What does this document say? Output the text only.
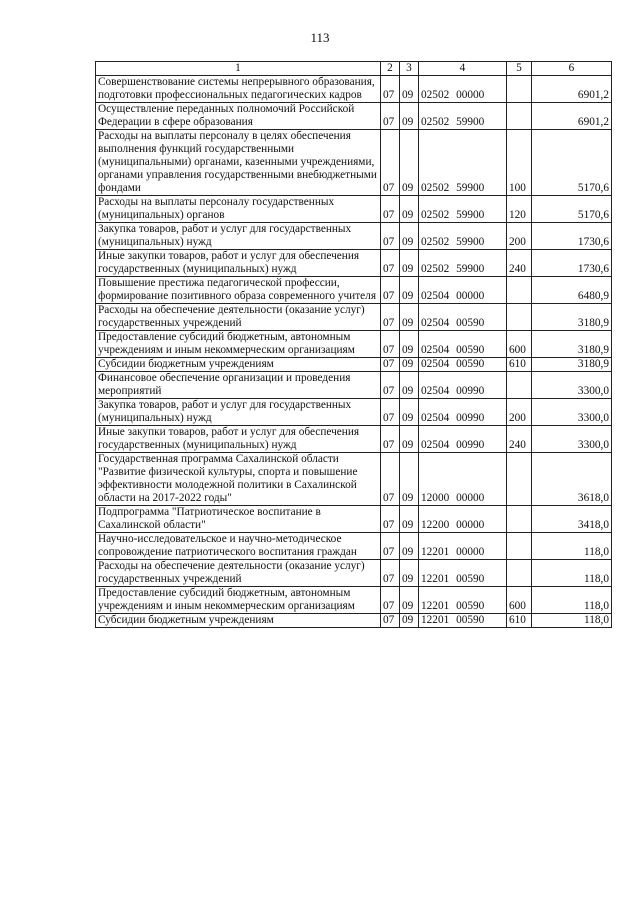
113
1	2	3	4	5	6
Совершенствование системы непрерывного образования, подготовки профессиональных педагогических кадров	07	09	02502 00000		6901,2
Осуществление переданных полномочий Российской Федерации в сфере образования	07	09	02502 59900		6901,2
Расходы на выплаты персоналу в целях обеспечения выполнения функций государственными (муниципальными) органами, казенными учреждениями, органами управления государственными внебюджетными фондами	07	09	02502 59900	100	5170,6
Расходы на выплаты персоналу государственных (муниципальных) органов	07	09	02502 59900	120	5170,6
Закупка товаров, работ и услуг для государственных (муниципальных) нужд	07	09	02502 59900	200	1730,6
Иные закупки товаров, работ и услуг для обеспечения государственных (муниципальных) нужд	07	09	02502 59900	240	1730,6
Повышение престижа педагогической профессии, формирование позитивного образа современного учителя	07	09	02504 00000		6480,9
Расходы на обеспечение деятельности (оказание услуг) государственных учреждений	07	09	02504 00590		3180,9
Предоставление субсидий бюджетным, автономным учреждениям и иным некоммерческим организациям	07	09	02504 00590	600	3180,9
Субсидии бюджетным учреждениям	07	09	02504 00590	610	3180,9
Финансовое обеспечение организации и проведения мероприятий	07	09	02504 00990		3300,0
Закупка товаров, работ и услуг для государственных (муниципальных) нужд	07	09	02504 00990	200	3300,0
Иные закупки товаров, работ и услуг для обеспечения государственных (муниципальных) нужд	07	09	02504 00990	240	3300,0
Государственная программа Сахалинской области "Развитие физической культуры, спорта и повышение эффективности молодежной политики в Сахалинской области на 2017-2022 годы"	07	09	12000 00000		3618,0
Подпрограмма "Патриотическое воспитание в Сахалинской области"	07	09	12200 00000		3418,0
Научно-исследовательское и научно-методическое сопровождение патриотического воспитания граждан	07	09	12201 00000		118,0
Расходы на обеспечение деятельности (оказание услуг) государственных учреждений	07	09	12201 00590		118,0
Предоставление субсидий бюджетным, автономным учреждениям и иным некоммерческим организациям	07	09	12201 00590	600	118,0
Субсидии бюджетным учреждениям	07	09	12201 00590	610	118,0
